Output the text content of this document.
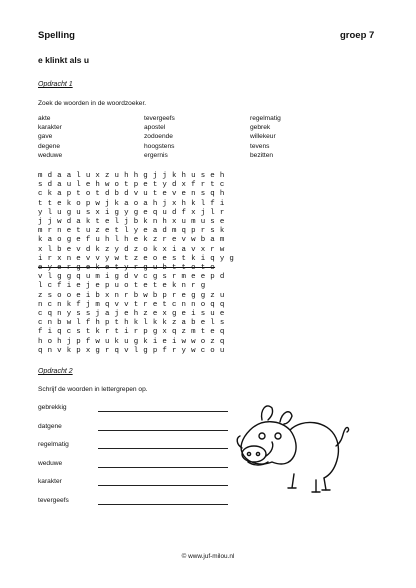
Spelling	groep 7
e klinkt als u
Opdracht 1
Zoek de woorden in de woordzoeker.
akte	tevergeefs	regelmatig
karakter	apostel	gebrek
gave	zodoende	willekeur
degene	hoogstens	tevens
weduwe	ergernis	bezitten
m d a a l u x z u h h g j j k h u s e h
s d a u l e h w o t p e t y d x f r t c
c k a p t o t d b d v u t e v e n s q h
t t e k o p w j k a o a h j x h k l f i
y l u g u s x i g y g e q u d f x j l r
j j w d a k t e l j b k n h x u m u s e
m r n e t u z e t l y e a d m q p r s k
k a o g e f u h l h e k z r e v w b a m
x l b e v d k z y d z o k x i a v x r w
i r x n e v v y w t z e o e s t k i q y g
e y e r g e k e t y r g u b t t o t o
v l g g q u m i g d v c g s r m e e p d
l c f i e j e p u o t e t e k n r g
z s o o e i b x n r b w b p r e g g z u
n c n k f j m q v v t r e t c n n o q q
c q n y s s j a j e h z e x g e i s u e
c n b w l f h p t h k l k k z a b e l s
f i q c s t k r t i r p g x q z m t e q
h o h j p f w u k u g k i e i w w o z q
q n v k p x g r q v l g p f r y w c o u
Opdracht 2
Schrijf de woorden in lettergrepen op.
gebrekkig
datgene
regelmatig
weduwe
karakter
tevergeefs
© www.juf-milou.nl
